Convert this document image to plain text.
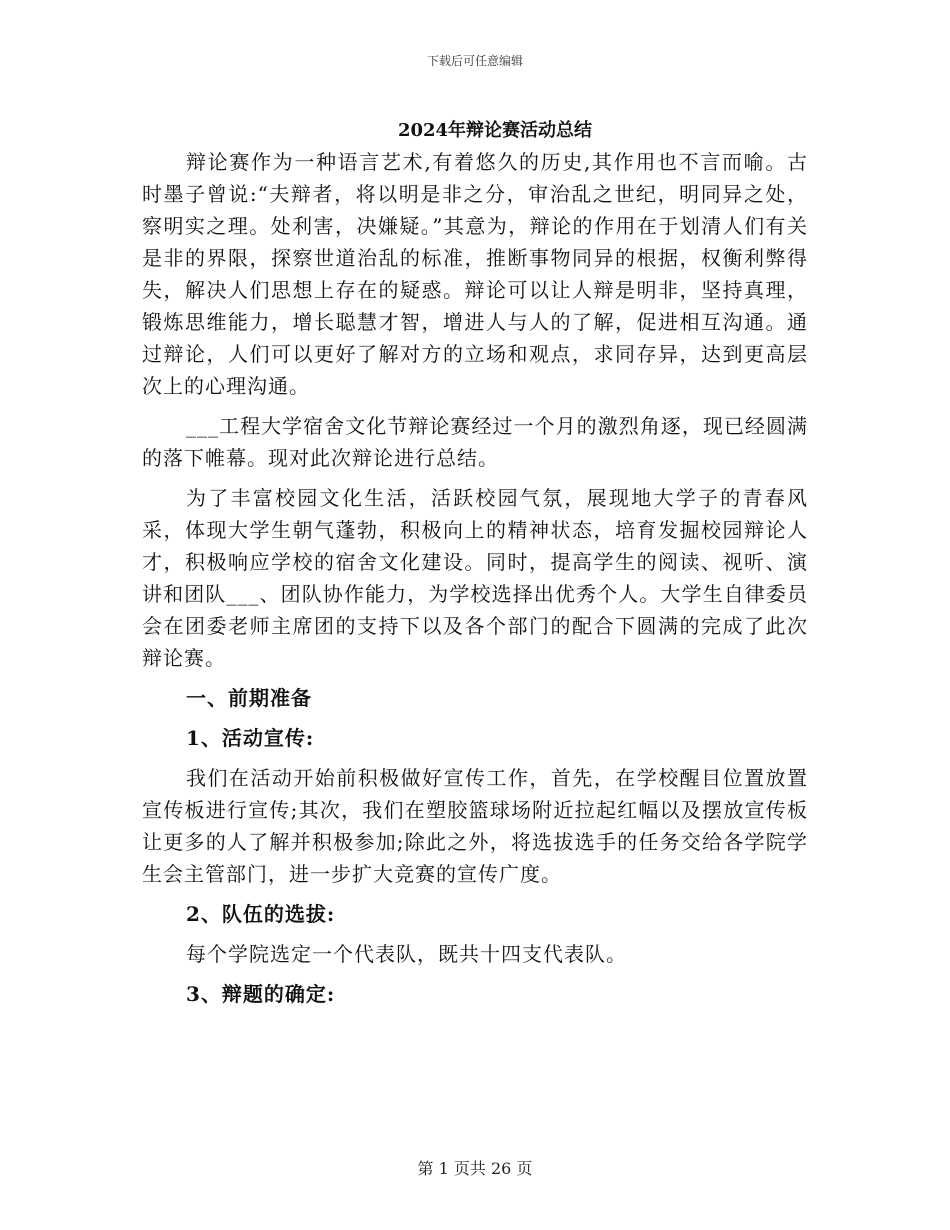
下载后可任意编辑
2024年辩论赛活动总结

辩论赛作为一种语言艺术,有着悠久的历史,其作用也不言而喻。古时墨子曾说:“夫辩者，将以明是非之分，审治乱之世纪，明同异之处，察明实之理。处利害，决嫌疑。”其意为，辩论的作用在于划清人们有关是非的界限，探察世道治乱的标准，推断事物同异的根据，权衡利弊得失，解决人们思想上存在的疑惑。辩论可以让人辩是明非，坚持真理，锻炼思维能力，增长聪慧才智，增进人与人的了解，促进相互沟通。通过辩论，人们可以更好了解对方的立场和观点，求同存异，达到更高层次上的心理沟通。

___工程大学宿舍文化节辩论赛经过一个月的激烈角逐，现已经圆满的落下帷幕。现对此次辩论进行总结。

为了丰富校园文化生活，活跃校园气氛，展现地大学子的青春风采，体现大学生朝气蓬勃，积极向上的精神状态，培育发掘校园辩论人才，积极响应学校的宿舍文化建设。同时，提高学生的阅读、视听、演讲和团队___、团队协作能力，为学校选择出优秀个人。大学生自律委员会在团委老师主席团的支持下以及各个部门的配合下圆满的完成了此次辩论赛。

一、前期准备
1、活动宣传:

我们在活动开始前积极做好宣传工作，首先，在学校醒目位置放置宣传板进行宣传;其次，我们在塑胶篮球场附近拉起红幅以及摆放宣传板让更多的人了解并积极参加;除此之外，将选拔选手的任务交给各学院学生会主管部门，进一步扩大竞赛的宣传广度。

2、队伍的选拔:

每个学院选定一个代表队，既共十四支代表队。

3、辩题的确定:
第 1 页共 26 页
